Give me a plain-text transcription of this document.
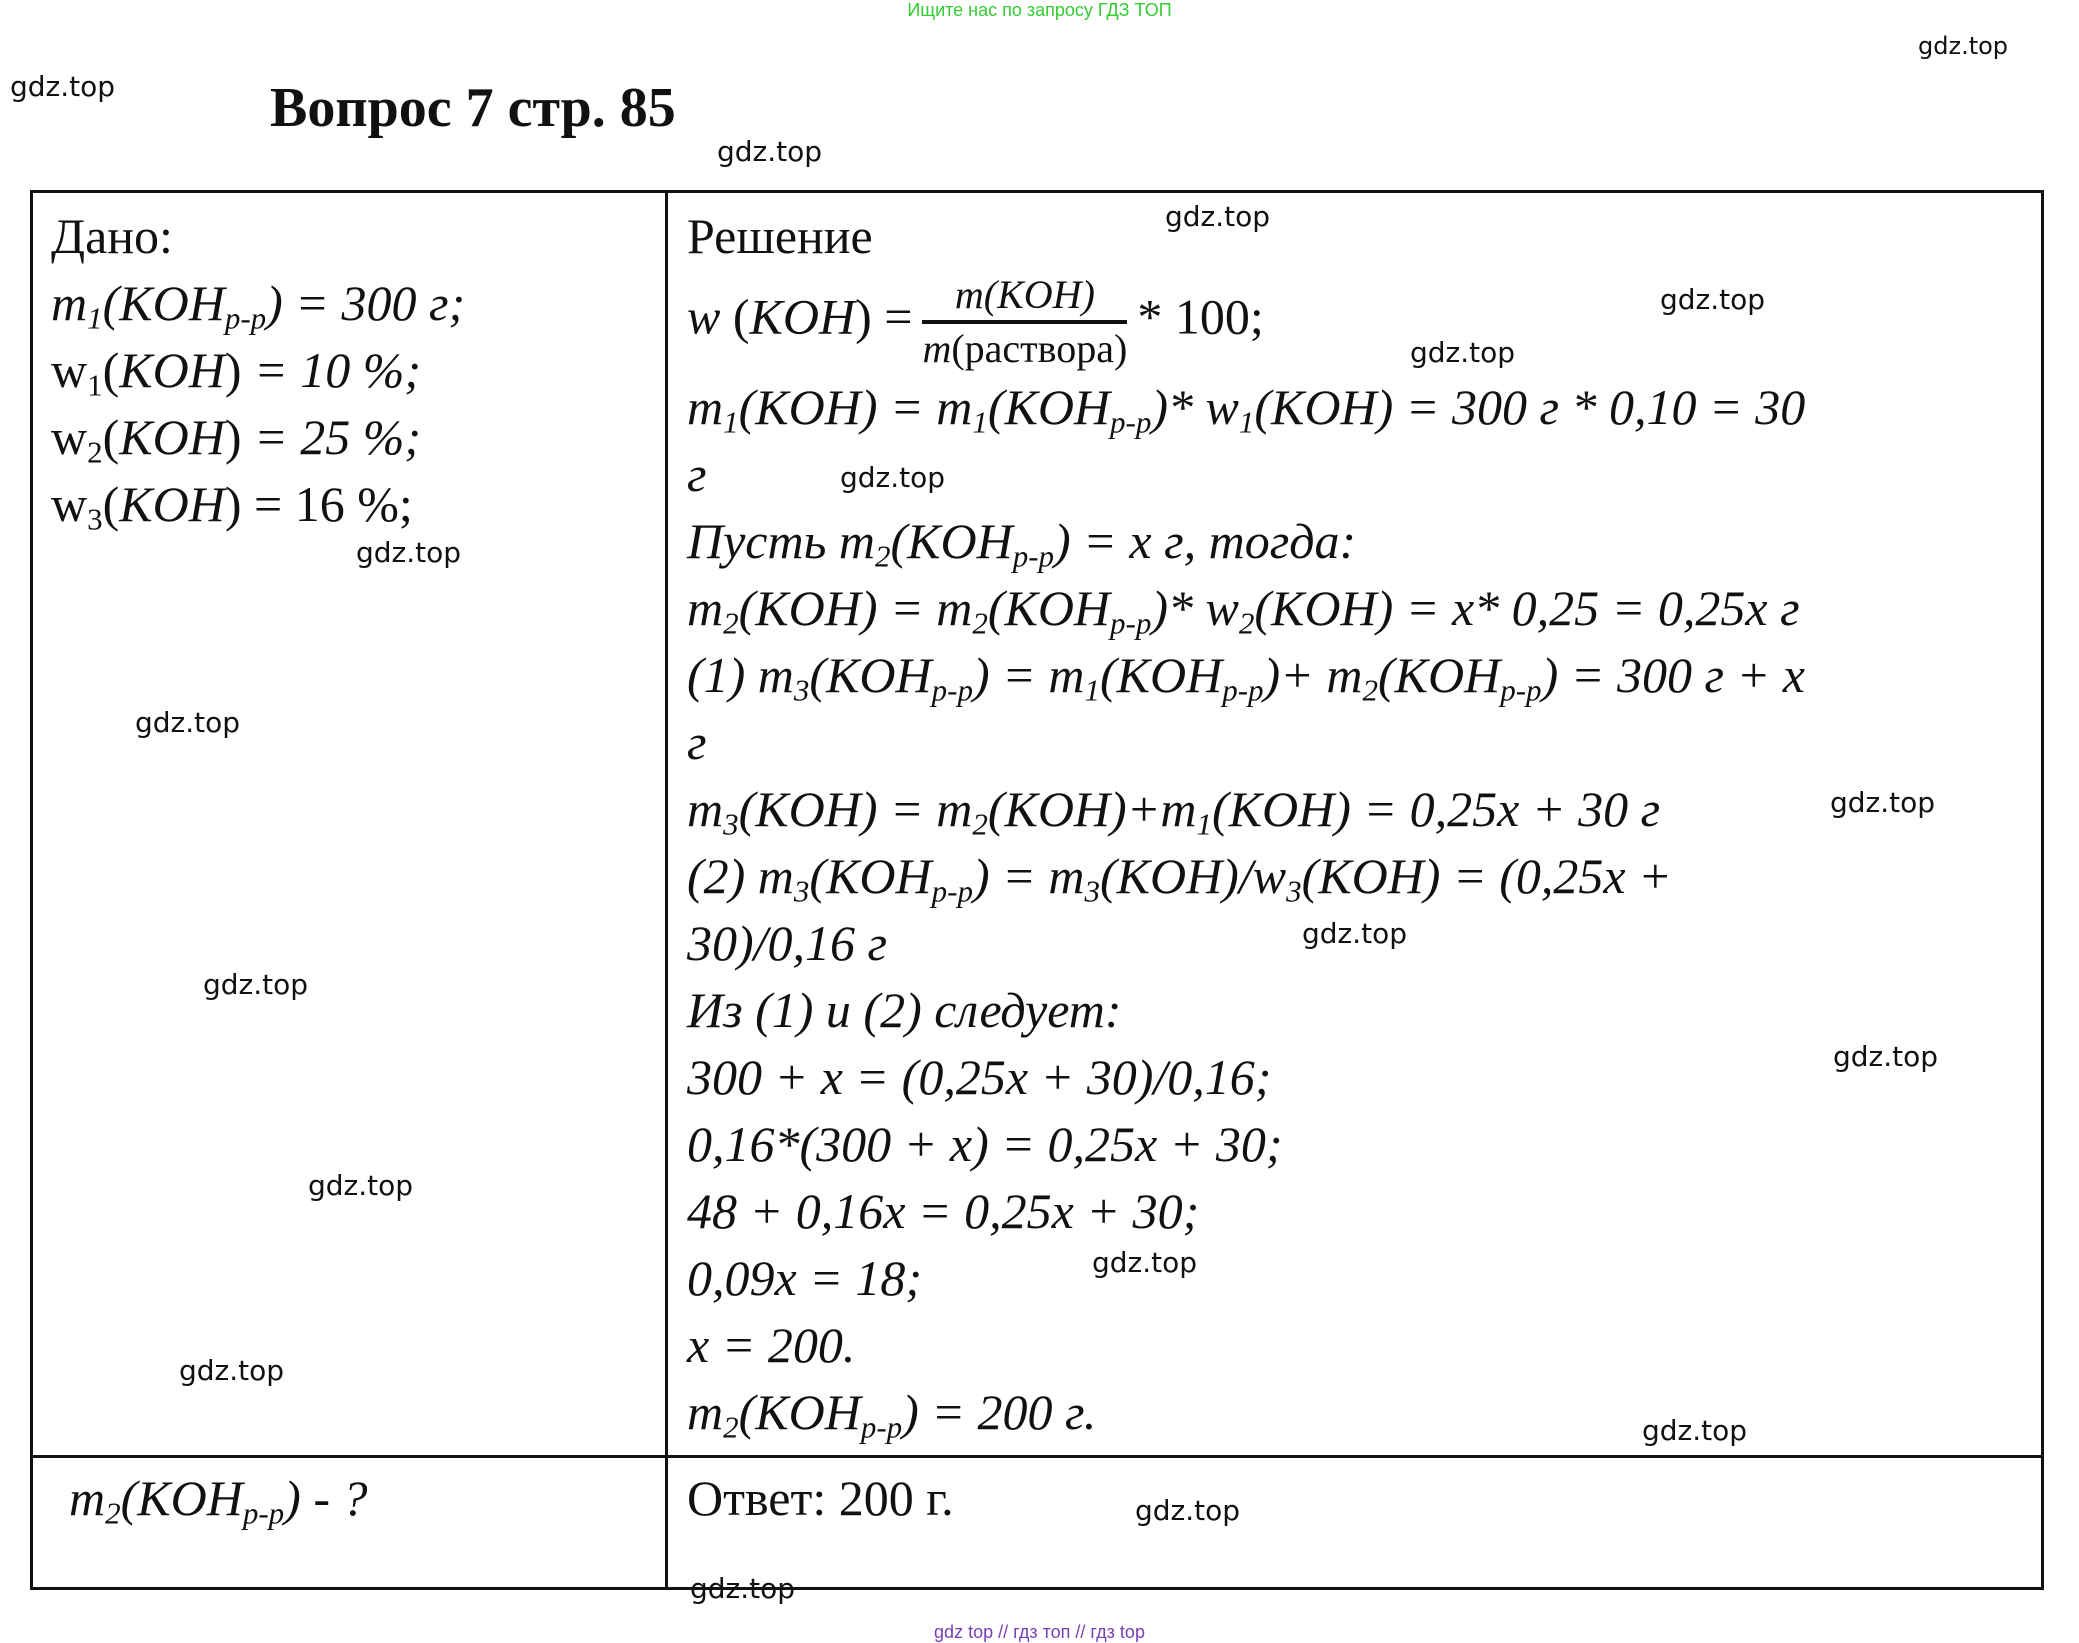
Ищите нас по запросу ГДЗ ТОП
Вопрос 7 стр. 85
Дано:
$m_1(KOH_{р-р}) = 300$ г;
$w_1(KOH) = 10$ %;
$w_2(KOH) = 25$ %;
$w_3(KOH) = 16$ %;
Решение
w $(KOH) = \frac{\text{m(KOH)}}{\text{m(раствора)}} * 100$;
$m_1(KOH) = m_1(KOH_{р-р})*$ $w_1(KOH) = 300$ г * 0,10 = 30
г
Пусть $m_2(KOH_{р-р}) = x$ г, тогда:
$m_2(KOH) = m_2(KOH_{р-р})*$ $w_2(KOH) = x*$ 0,25 = 0,25x г
(1) $m_3(KOH_{р-р}) = m_1(KOH_{р-р})+ m_2(KOH_{р-р}) = 300$ г + x
г
$m_3(KOH) = m_2(KOH)+m_1(KOH) = 0,25x + 30$ г
(2) $m_3(KOH_{р-р}) = m_3(KOH)/w_3(KOH) = (0,25x$ +
30)/0,16 г
Из (1) и (2) следует:
300 + x = (0,25x + 30)/0,16;
0,16*(300 + x) = 0,25x + 30;
48 + 0,16x = 0,25x + 30;
0,09x = 18;
x = 200.
$m_2(KOH_{р-р}) = 200$ г.
$m_2(KOH_{р-р})$ - ?	Ответ: 200 г.
gdz.top
gdz.top
gdz.top
gdz.top
gdz.top
gdz.top
gdz.top
gdz.top
gdz.top
gdz.top
gdz.top
gdz.top
gdz.top
gdz.top
gdz.top
gdz.top
gdz.top
gdz.top
gdz.top
gdz top // гдз топ // гдз top
